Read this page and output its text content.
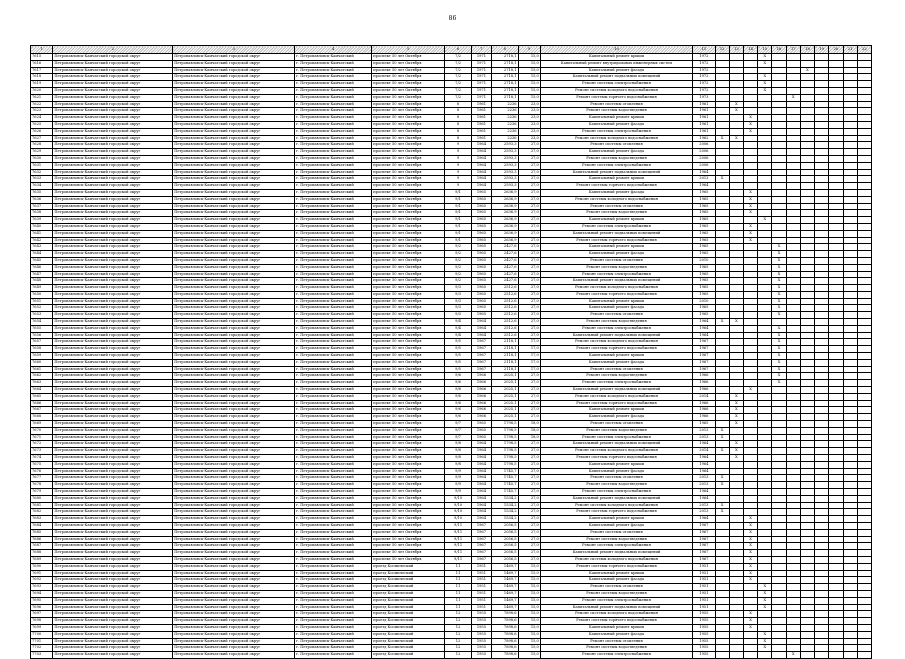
86
1	2	3	4	5	6	7	8	9	10	11	12	13	14	15	16	17	18	19	20	21	22
7615	Петропавловск-Камчатский городской округ	Петропавловск-Камчатский городской округ	г. Петропавловск-Камчатский	проспект 50 лет Октября	7/2	1971	2718,1	15,0	Капитальный ремонт крыши	1972				X							
7616	Петропавловск-Камчатский городской округ	Петропавловск-Камчатский городской округ	г. Петропавловск-Камчатский	проспект 50 лет Октября	7/2	1971	2718,1	15,0	Капитальный ремонт внутридомовых инженерных систем	1972				X							
7617	Петропавловск-Камчатский городской округ	Петропавловск-Камчатский городской округ	г. Петропавловск-Камчатский	проспект 50 лет Октября	7/2	1971	2718,1	15,0	Капитальный ремонт фасада	1972							X				
7618	Петропавловск-Камчатский городской округ	Петропавловск-Камчатский городской округ	г. Петропавловск-Камчатский	проспект 50 лет Октября	7/2	1971	2718,1	15,0	Капитальный ремонт подвальных помещений	1972				X							
7619	Петропавловск-Камчатский городской округ	Петропавловск-Камчатский городской округ	г. Петропавловск-Камчатский	проспект 50 лет Октября	7/2	1971	2718,1	15,0	Ремонт системы электроснабжения	1972				X							
7620	Петропавловск-Камчатский городской округ	Петропавловск-Камчатский городской округ	г. Петропавловск-Камчатский	проспект 50 лет Октября	7/2	1971	2718,1	15,0	Ремонт системы холодного водоснабжения	1972				X							
7621	Петропавловск-Камчатский городской округ	Петропавловск-Камчатский городской округ	г. Петропавловск-Камчатский	проспект 50 лет Октября	7/2	1971	2718,1	15,0	Ремонт системы горячего водоснабжения	1973						X					
7622	Петропавловск-Камчатский городской округ	Петропавловск-Камчатский городской округ	г. Петропавловск-Камчатский	проспект 50 лет Октября	8	1961	2236	23,0	Ремонт системы отопления	1961		X									
7623	Петропавловск-Камчатский городской округ	Петропавловск-Камчатский городской округ	г. Петропавловск-Камчатский	проспект 50 лет Октября	8	1961	2236	23,0	Ремонт системы водоотведения	1961		X									
7624	Петропавловск-Камчатский городской округ	Петропавловск-Камчатский городской округ	г. Петропавловск-Камчатский	проспект 50 лет Октября	8	1961	2236	23,0	Капитальный ремонт крыши	1961			X								
7625	Петропавловск-Камчатский городской округ	Петропавловск-Камчатский городской округ	г. Петропавловск-Камчатский	проспект 50 лет Октября	8	1961	2236	23,0	Капитальный ремонт фасада	1961			X								
7626	Петропавловск-Камчатский городской округ	Петропавловск-Камчатский городской округ	г. Петропавловск-Камчатский	проспект 50 лет Октября	8	1961	2236	23,0	Ремонт системы электроснабжения	1961			X								
7627	Петропавловск-Камчатский городской округ	Петропавловск-Камчатский городской округ	г. Петропавловск-Камчатский	проспект 50 лет Октября	8	1961	2236	23,0	Ремонт системы холодного водоснабжения	1962	X	X									
7628	Петропавловск-Камчатский городской округ	Петропавловск-Камчатский городской округ	г. Петропавловск-Камчатский	проспект 50 лет Октября	9	1964	2593,3	27,0	Ремонт системы отопления	2006											
7629	Петропавловск-Камчатский городской округ	Петропавловск-Камчатский городской округ	г. Петропавловск-Камчатский	проспект 50 лет Октября	9	1964	2593,3	27,0	Капитальный ремонт фасада	2006											
7630	Петропавловск-Камчатский городской округ	Петропавловск-Камчатский городской округ	г. Петропавловск-Камчатский	проспект 50 лет Октября	9	1964	2593,3	27,0	Ремонт системы водоотведения	2006											
7631	Петропавловск-Камчатский городской округ	Петропавловск-Камчатский городской округ	г. Петропавловск-Камчатский	проспект 50 лет Октября	9	1964	2593,3	27,0	Ремонт системы электроснабжения	2006											
7632	Петропавловск-Камчатский городской округ	Петропавловск-Камчатский городской округ	г. Петропавловск-Камчатский	проспект 50 лет Октября	9	1964	2593,3	27,0	Капитальный ремонт подвальных помещений	1964											
7633	Петропавловск-Камчатский городской округ	Петропавловск-Камчатский городской округ	г. Петропавловск-Камчатский	проспект 50 лет Октября	9	1964	2593,3	27,0	Капитальный ремонт крыши	2013	X										
7634	Петропавловск-Камчатский городской округ	Петропавловск-Камчатский городской округ	г. Петропавловск-Камчатский	проспект 50 лет Октября	9	1964	2593,3	27,0	Ремонт системы горячего водоснабжения	1964											
7635	Петропавловск-Камчатский городской округ	Петропавловск-Камчатский городской округ	г. Петропавловск-Камчатский	проспект 50 лет Октября	9/1	1965	2636,9	27,0	Капитальный ремонт фасада	1965			X								
7636	Петропавловск-Камчатский городской округ	Петропавловск-Камчатский городской округ	г. Петропавловск-Камчатский	проспект 50 лет Октября	9/1	1965	2636,9	27,0	Ремонт системы холодного водоснабжения	1965			X								
7637	Петропавловск-Камчатский городской округ	Петропавловск-Камчатский городской округ	г. Петропавловск-Камчатский	проспект 50 лет Октября	9/1	1965	2636,9	27,0	Ремонт системы отопления	1965			X								
7638	Петропавловск-Камчатский городской округ	Петропавловск-Камчатский городской округ	г. Петропавловск-Камчатский	проспект 50 лет Октября	9/1	1965	2636,9	27,0	Ремонт системы водоотведения	1965			X								
7639	Петропавловск-Камчатский городской округ	Петропавловск-Камчатский городской округ	г. Петропавловск-Камчатский	проспект 50 лет Октября	9/1	1965	2636,9	27,0	Капитальный ремонт крыши	1965				X							
7640	Петропавловск-Камчатский городской округ	Петропавловск-Камчатский городской округ	г. Петропавловск-Камчатский	проспект 50 лет Октября	9/1	1965	2636,9	27,0	Ремонт системы электроснабжения	1965			X								
7641	Петропавловск-Камчатский городской округ	Петропавловск-Камчатский городской округ	г. Петропавловск-Камчатский	проспект 50 лет Октября	9/1	1965	2636,9	27,0	Капитальный ремонт подвальных помещений	1965			X								
7642	Петропавловск-Камчатский городской округ	Петропавловск-Камчатский городской округ	г. Петропавловск-Камчатский	проспект 50 лет Октября	9/1	1965	2636,9	27,0	Ремонт системы горячего водоснабжения	1965			X								
7643	Петропавловск-Камчатский городской округ	Петропавловск-Камчатский городской округ	г. Петропавловск-Камчатский	проспект 50 лет Октября	9/2	1965	2427,6	27,0	Капитальный ремонт крыши	1965					X						
7644	Петропавловск-Камчатский городской округ	Петропавловск-Камчатский городской округ	г. Петропавловск-Камчатский	проспект 50 лет Октября	9/2	1965	2427,6	27,0	Капитальный ремонт фасада	1965					X						
7645	Петропавловск-Камчатский городской округ	Петропавловск-Камчатский городской округ	г. Петропавловск-Камчатский	проспект 50 лет Октября	9/2	1965	2427,6	27,0	Ремонт системы отопления	2010					X						
7646	Петропавловск-Камчатский городской округ	Петропавловск-Камчатский городской округ	г. Петропавловск-Камчатский	проспект 50 лет Октября	9/2	1965	2427,6	27,0	Ремонт системы водоотведения	1965					X						
7647	Петропавловск-Камчатский городской округ	Петропавловск-Камчатский городской округ	г. Петропавловск-Камчатский	проспект 50 лет Октября	9/2	1965	2427,6	27,0	Ремонт системы электроснабжения	1965					X						
7648	Петропавловск-Камчатский городской округ	Петропавловск-Камчатский городской округ	г. Петропавловск-Камчатский	проспект 50 лет Октября	9/2	1965	2427,6	27,0	Капитальный ремонт подвальных помещений	1965					X						
7649	Петропавловск-Камчатский городской округ	Петропавловск-Камчатский городской округ	г. Петропавловск-Камчатский	проспект 50 лет Октября	9/3	1965	2512,6	27,0	Ремонт системы холодного водоснабжения	1965					X						
7650	Петропавловск-Камчатский городской округ	Петропавловск-Камчатский городской округ	г. Петропавловск-Камчатский	проспект 50 лет Октября	9/3	1965	2512,6	27,0	Ремонт системы горячего водоснабжения	1965					X						
7651	Петропавловск-Камчатский городской округ	Петропавловск-Камчатский городской округ	г. Петропавловск-Камчатский	проспект 50 лет Октября	9/3	1965	2512,6	27,0	Капитальный ремонт крыши	2010					X						
7652	Петропавловск-Камчатский городской округ	Петропавловск-Камчатский городской округ	г. Петропавловск-Камчатский	проспект 50 лет Октября	9/3	1965	2512,6	27,0	Капитальный ремонт фасада	1965					X						
7653	Петропавловск-Камчатский городской округ	Петропавловск-Камчатский городской округ	г. Петропавловск-Камчатский	проспект 50 лет Октября	9/3	1965	2512,6	27,0	Ремонт системы отопления	1965					X						
7654	Петропавловск-Камчатский городской округ	Петропавловск-Камчатский городской округ	г. Петропавловск-Камчатский	проспект 50 лет Октября	9/4	1964	2512,6	27,0	Ремонт системы водоотведения	1964	X	X									
7655	Петропавловск-Камчатский городской округ	Петропавловск-Камчатский городской округ	г. Петропавловск-Камчатский	проспект 50 лет Октября	9/4	1964	2512,6	27,0	Ремонт системы электроснабжения	1964					X						
7656	Петропавловск-Камчатский городской округ	Петропавловск-Камчатский городской округ	г. Петропавловск-Камчатский	проспект 50 лет Октября	9/4	1964	2512,6	27,0	Капитальный ремонт подвальных помещений	1964					X						
7657	Петропавловск-Камчатский городской округ	Петропавловск-Камчатский городской округ	г. Петропавловск-Камчатский	проспект 50 лет Октября	9/5	1967	2118,1	17,0	Ремонт системы холодного водоснабжения	1967					X						
7658	Петропавловск-Камчатский городской округ	Петропавловск-Камчатский городской округ	г. Петропавловск-Камчатский	проспект 50 лет Октября	9/5	1967	2118,1	17,0	Ремонт системы горячего водоснабжения	1967					X						
7659	Петропавловск-Камчатский городской округ	Петропавловск-Камчатский городской округ	г. Петропавловск-Камчатский	проспект 50 лет Октября	9/5	1967	2118,1	17,0	Капитальный ремонт крыши	1967					X						
7660	Петропавловск-Камчатский городской округ	Петропавловск-Камчатский городской округ	г. Петропавловск-Камчатский	проспект 50 лет Октября	9/5	1967	2118,1	17,0	Капитальный ремонт фасада	1967					X						
7661	Петропавловск-Камчатский городской округ	Петропавловск-Камчатский городской округ	г. Петропавловск-Камчатский	проспект 50 лет Октября	9/5	1967	2118,1	17,0	Ремонт системы отопления	1967					X						
7662	Петропавловск-Камчатский городской округ	Петропавловск-Камчатский городской округ	г. Петропавловск-Камчатский	проспект 50 лет Октября	9/6	1966	2025,1	27,0	Ремонт системы водоотведения	1966					X						
7663	Петропавловск-Камчатский городской округ	Петропавловск-Камчатский городской округ	г. Петропавловск-Камчатский	проспект 50 лет Октября	9/6	1966	2025,1	27,0	Ремонт системы электроснабжения	1966					X						
7664	Петропавловск-Камчатский городской округ	Петропавловск-Камчатский городской округ	г. Петропавловск-Камчатский	проспект 50 лет Октября	9/6	1966	2025,1	27,0	Капитальный ремонт подвальных помещений	1966			X								
7665	Петропавловск-Камчатский городской округ	Петропавловск-Камчатский городской округ	г. Петропавловск-Камчатский	проспект 50 лет Октября	9/6	1966	2025,1	27,0	Ремонт системы холодного водоснабжения	2014		X									
7666	Петропавловск-Камчатский городской округ	Петропавловск-Камчатский городской округ	г. Петропавловск-Камчатский	проспект 50 лет Октября	9/6	1966	2025,1	27,0	Ремонт системы горячего водоснабжения	1966		X									
7667	Петропавловск-Камчатский городской округ	Петропавловск-Камчатский городской округ	г. Петропавловск-Камчатский	проспект 50 лет Октября	9/6	1966	2025,1	27,0	Капитальный ремонт крыши	1966		X									
7668	Петропавловск-Камчатский городской округ	Петропавловск-Камчатский городской округ	г. Петропавловск-Камчатский	проспект 50 лет Октября	9/6	1966	2025,1	27,0	Капитальный ремонт фасада	1966		X									
7669	Петропавловск-Камчатский городской округ	Петропавловск-Камчатский городской округ	г. Петропавловск-Камчатский	проспект 50 лет Октября	9/7	1965	1798,5	18,0	Ремонт системы отопления	1965		X									
7670	Петропавловск-Камчатский городской округ	Петропавловск-Камчатский городской округ	г. Петропавловск-Камчатский	проспект 50 лет Октября	9/7	1965	1798,5	18,0	Ремонт системы водоотведения	2013	X										
7671	Петропавловск-Камчатский городской округ	Петропавловск-Камчатский городской округ	г. Петропавловск-Камчатский	проспект 50 лет Октября	9/7	1965	1798,5	18,0	Ремонт системы электроснабжения	2013	X										
7672	Петропавловск-Камчатский городской округ	Петропавловск-Камчатский городской округ	г. Петропавловск-Камчатский	проспект 50 лет Октября	9/8	1964	1798,5	27,0	Капитальный ремонт подвальных помещений	1964		X									
7673	Петропавловск-Камчатский городской округ	Петропавловск-Камчатский городской округ	г. Петропавловск-Камчатский	проспект 50 лет Октября	9/8	1964	1798,5	27,0	Ремонт системы холодного водоснабжения	2014	X	X									
7674	Петропавловск-Камчатский городской округ	Петропавловск-Камчатский городской округ	г. Петропавловск-Камчатский	проспект 50 лет Октября	9/8	1964	1798,5	27,0	Ремонт системы горячего водоснабжения	1964		X									
7675	Петропавловск-Камчатский городской округ	Петропавловск-Камчатский городской округ	г. Петропавловск-Камчатский	проспект 50 лет Октября	9/8	1964	1798,5	27,0	Капитальный ремонт крыши	1964											
7676	Петропавловск-Камчатский городской округ	Петропавловск-Камчатский городской округ	г. Петропавловск-Камчатский	проспект 50 лет Октября	9/9	1964	1745,7	27,0	Капитальный ремонт фасада	1964											
7677	Петропавловск-Камчатский городской округ	Петропавловск-Камчатский городской округ	г. Петропавловск-Камчатский	проспект 50 лет Октября	9/9	1964	1745,7	27,0	Ремонт системы отопления	2013	X										
7678	Петропавловск-Камчатский городской округ	Петропавловск-Камчатский городской округ	г. Петропавловск-Камчатский	проспект 50 лет Октября	9/9	1964	1745,7	27,0	Ремонт системы водоотведения	2013	X										
7679	Петропавловск-Камчатский городской округ	Петропавловск-Камчатский городской округ	г. Петропавловск-Камчатский	проспект 50 лет Октября	9/9	1964	1745,7	27,0	Ремонт системы электроснабжения	1964											
7680	Петропавловск-Камчатский городской округ	Петропавловск-Камчатский городской округ	г. Петропавловск-Камчатский	проспект 50 лет Октября	9/10	1964	1534,2	27,0	Капитальный ремонт подвальных помещений	1964											
7681	Петропавловск-Камчатский городской округ	Петропавловск-Камчатский городской округ	г. Петропавловск-Камчатский	проспект 50 лет Октября	9/10	1964	1534,2	27,0	Ремонт системы холодного водоснабжения	2013	X										
7682	Петропавловск-Камчатский городской округ	Петропавловск-Камчатский городской округ	г. Петропавловск-Камчатский	проспект 50 лет Октября	9/10	1964	1534,2	27,0	Ремонт системы горячего водоснабжения	2013	X										
7683	Петропавловск-Камчатский городской округ	Петропавловск-Камчатский городской округ	г. Петропавловск-Камчатский	проспект 50 лет Октября	9/10	1964	1534,2	27,0	Капитальный ремонт крыши	1964			X								
7684	Петропавловск-Камчатский городской округ	Петропавловск-Камчатский городской округ	г. Петропавловск-Камчатский	проспект 50 лет Октября	9/11	1967	2056,5	27,0	Капитальный ремонт фасада	1967			X								
7685	Петропавловск-Камчатский городской округ	Петропавловск-Камчатский городской округ	г. Петропавловск-Камчатский	проспект 50 лет Октября	9/11	1967	2056,5	27,0	Ремонт системы отопления	1967			X								
7686	Петропавловск-Камчатский городской округ	Петропавловск-Камчатский городской округ	г. Петропавловск-Камчатский	проспект 50 лет Октября	9/11	1967	2056,5	27,0	Ремонт системы водоотведения	1967			X								
7687	Петропавловск-Камчатский городской округ	Петропавловск-Камчатский городской округ	г. Петропавловск-Камчатский	проспект 50 лет Октября	9/11	1967	2056,5	27,0	Ремонт системы электроснабжения	1967			X								
7688	Петропавловск-Камчатский городской округ	Петропавловск-Камчатский городской округ	г. Петропавловск-Камчатский	проспект 50 лет Октября	9/11	1967	2056,5	27,0	Капитальный ремонт подвальных помещений	1967			X								
7689	Петропавловск-Камчатский городской округ	Петропавловск-Камчатский городской округ	г. Петропавловск-Камчатский	проспект 50 лет Октября	9/11	1967	2056,5	27,0	Ремонт системы холодного водоснабжения	1967			X								
7690	Петропавловск-Камчатский городской округ	Петропавловск-Камчатский городской округ	г. Петропавловск-Камчатский	проезд Космический	11	1951	1469,7	15,0	Ремонт системы горячего водоснабжения	1951			X								
7691	Петропавловск-Камчатский городской округ	Петропавловск-Камчатский городской округ	г. Петропавловск-Камчатский	проезд Космический	11	1951	1469,7	15,0	Капитальный ремонт крыши	1951			X								
7692	Петропавловск-Камчатский городской округ	Петропавловск-Камчатский городской округ	г. Петропавловск-Камчатский	проезд Космический	11	1951	1469,7	15,0	Капитальный ремонт фасада	1951			X								
7693	Петропавловск-Камчатский городской округ	Петропавловск-Камчатский городской округ	г. Петропавловск-Камчатский	проезд Космический	11	1951	1469,7	15,0	Ремонт системы отопления	1951				X							
7694	Петропавловск-Камчатский городской округ	Петропавловск-Камчатский городской округ	г. Петропавловск-Камчатский	проезд Космический	11	1951	1469,7	15,0	Ремонт системы водоотведения	1951				X							
7695	Петропавловск-Камчатский городской округ	Петропавловск-Камчатский городской округ	г. Петропавловск-Камчатский	проезд Космический	11	1951	1469,7	15,0	Ремонт системы электроснабжения	1951				X							
7696	Петропавловск-Камчатский городской округ	Петропавловск-Камчатский городской округ	г. Петропавловск-Камчатский	проезд Космический	11	1951	1469,7	15,0	Капитальный ремонт подвальных помещений	1951				X							
7697	Петропавловск-Камчатский городской округ	Петропавловск-Камчатский городской округ	г. Петропавловск-Камчатский	проезд Космический	12	1955	7898,6	15,0	Ремонт системы холодного водоснабжения	1955			X								
7698	Петропавловск-Камчатский городской округ	Петропавловск-Камчатский городской округ	г. Петропавловск-Камчатский	проезд Космический	12	1955	7898,6	15,0	Ремонт системы горячего водоснабжения	1955			X								
7699	Петропавловск-Камчатский городской округ	Петропавловск-Камчатский городской округ	г. Петропавловск-Камчатский	проезд Космический	12	1955	7898,6	15,0	Капитальный ремонт крыши	1955			X								
7700	Петропавловск-Камчатский городской округ	Петропавловск-Камчатский городской округ	г. Петропавловск-Камчатский	проезд Космический	12	1955	7898,6	15,0	Капитальный ремонт фасада	1955				X							
7701	Петропавловск-Камчатский городской округ	Петропавловск-Камчатский городской округ	г. Петропавловск-Камчатский	проезд Космический	12	1955	7898,6	15,0	Ремонт системы отопления	1955				X							
7702	Петропавловск-Камчатский городской округ	Петропавловск-Камчатский городской округ	г. Петропавловск-Камчатский	проезд Космический	12	1955	7898,6	15,0	Ремонт системы водоотведения	1955				X							
7703	Петропавловск-Камчатский городской округ	Петропавловск-Камчатский городской округ	г. Петропавловск-Камчатский	проезд Космический	12	1955	7898,6	15,0	Ремонт системы электроснабжения	1955						X					
